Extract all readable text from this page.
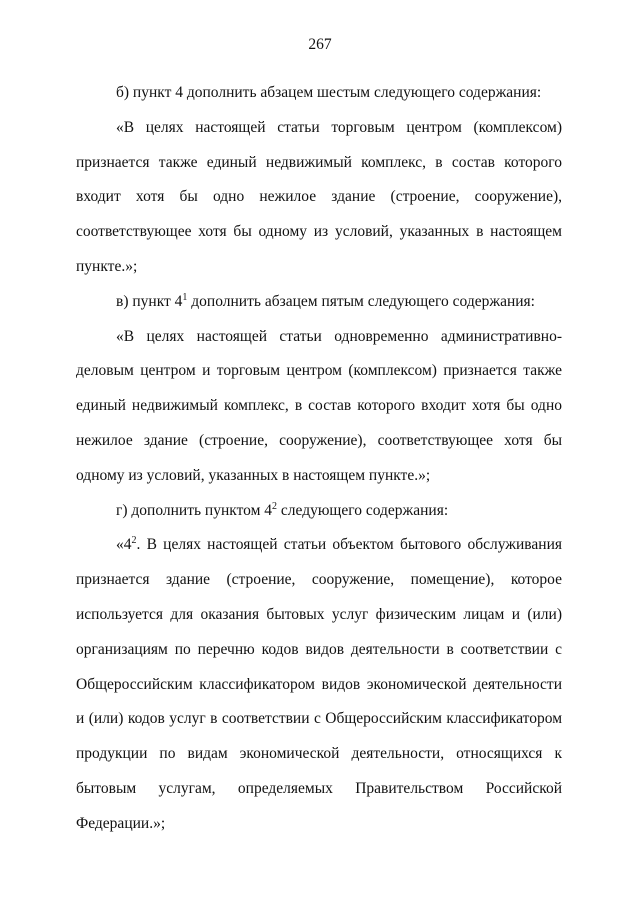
267

б) пункт 4 дополнить абзацем шестым следующего содержания:

«В целях настоящей статьи торговым центром (комплексом) признается также единый недвижимый комплекс, в состав которого входит хотя бы одно нежилое здание (строение, сооружение), соответствующее хотя бы одному из условий, указанных в настоящем пункте.»;

в) пункт $4^1$ дополнить абзацем пятым следующего содержания:

«В целях настоящей статьи одновременно административно-деловым центром и торговым центром (комплексом) признается также единый недвижимый комплекс, в состав которого входит хотя бы одно нежилое здание (строение, сооружение), соответствующее хотя бы одному из условий, указанных в настоящем пункте.»;

г) дополнить пунктом $4^2$ следующего содержания:

«$4^2$. В целях настоящей статьи объектом бытового обслуживания признается здание (строение, сооружение, помещение), которое используется для оказания бытовых услуг физическим лицам и (или) организациям по перечню кодов видов деятельности в соответствии с Общероссийским классификатором видов экономической деятельности и (или) кодов услуг в соответствии с Общероссийским классификатором продукции по видам экономической деятельности, относящихся к бытовым услугам, определяемых Правительством Российской Федерации.»;
